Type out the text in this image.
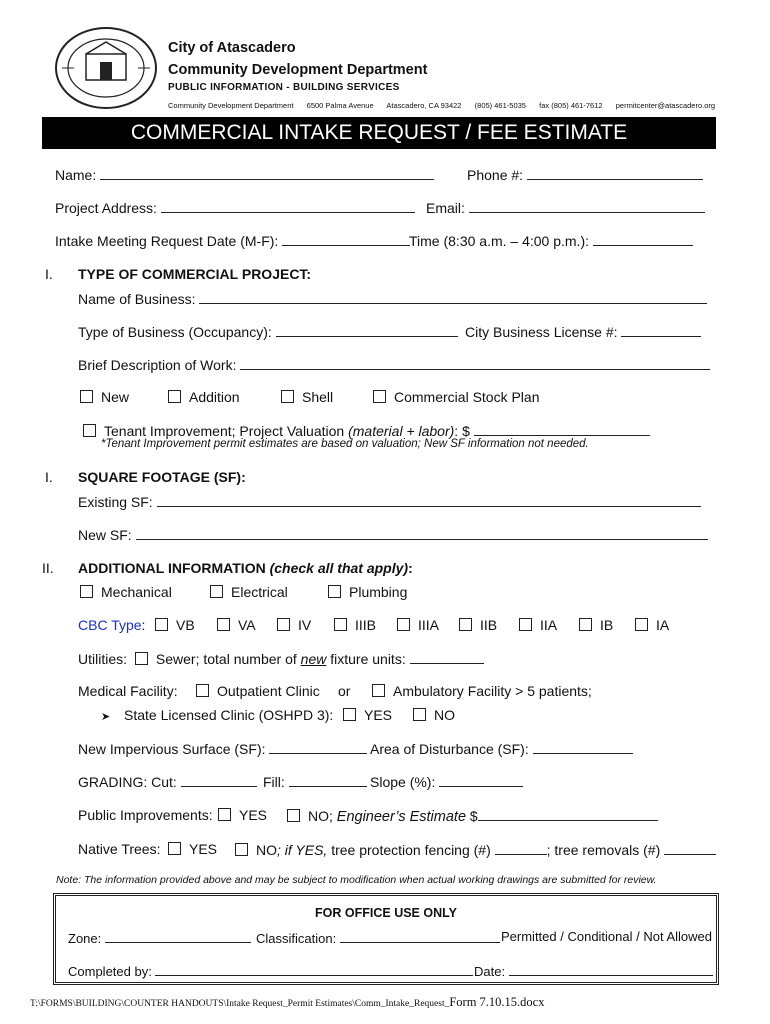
City of Atascadero
Community Development Department
PUBLIC INFORMATION - BUILDING SERVICES
Community Development Department 6500 Palma Avenue Atascadero, CA 93422 (805) 461-5035 fax (805) 461-7612 permitcenter@atascadero.org
COMMERCIAL INTAKE REQUEST / FEE ESTIMATE
Name:	Phone #:
Project Address:	Email:
Intake Meeting Request Date (M-F):	Time (8:30 a.m. – 4:00 p.m.):
I. TYPE OF COMMERCIAL PROJECT:
Name of Business:
Type of Business (Occupancy):	City Business License #:
Brief Description of Work:
New	Addition	Shell	Commercial Stock Plan
Tenant Improvement; Project Valuation (material + labor): $
*Tenant Improvement permit estimates are based on valuation; New SF information not needed.
I. SQUARE FOOTAGE (SF):
Existing SF:
New SF:
II. ADDITIONAL INFORMATION (check all that apply):
Mechanical	Electrical	Plumbing
CBC Type:	VB	VA	IV	IIIB	IIIA	IIB	IIA	IB	IA
Utilities: Sewer; total number of new fixture units:
Medical Facility:	Outpatient Clinic or	Ambulatory Facility > 5 patients;
➤ State Licensed Clinic (OSHPD 3):	YES	NO
New Impervious Surface (SF):	Area of Disturbance (SF):
GRADING: Cut:	Fill:	Slope (%):
Public Improvements:	YES	NO; Engineer’s Estimate $
Native Trees:	YES	NO; if YES, tree protection fencing (#)	; tree removals (#)
Note: The information provided above and may be subject to modification when actual working drawings are submitted for review.
FOR OFFICE USE ONLY
Zone:	Classification:	Permitted / Conditional / Not Allowed
Completed by:	Date:
T:\FORMS\BUILDING\COUNTER HANDOUTS\Intake Request_Permit Estimates\Comm_Intake_Request_Form 7.10.15.docx
